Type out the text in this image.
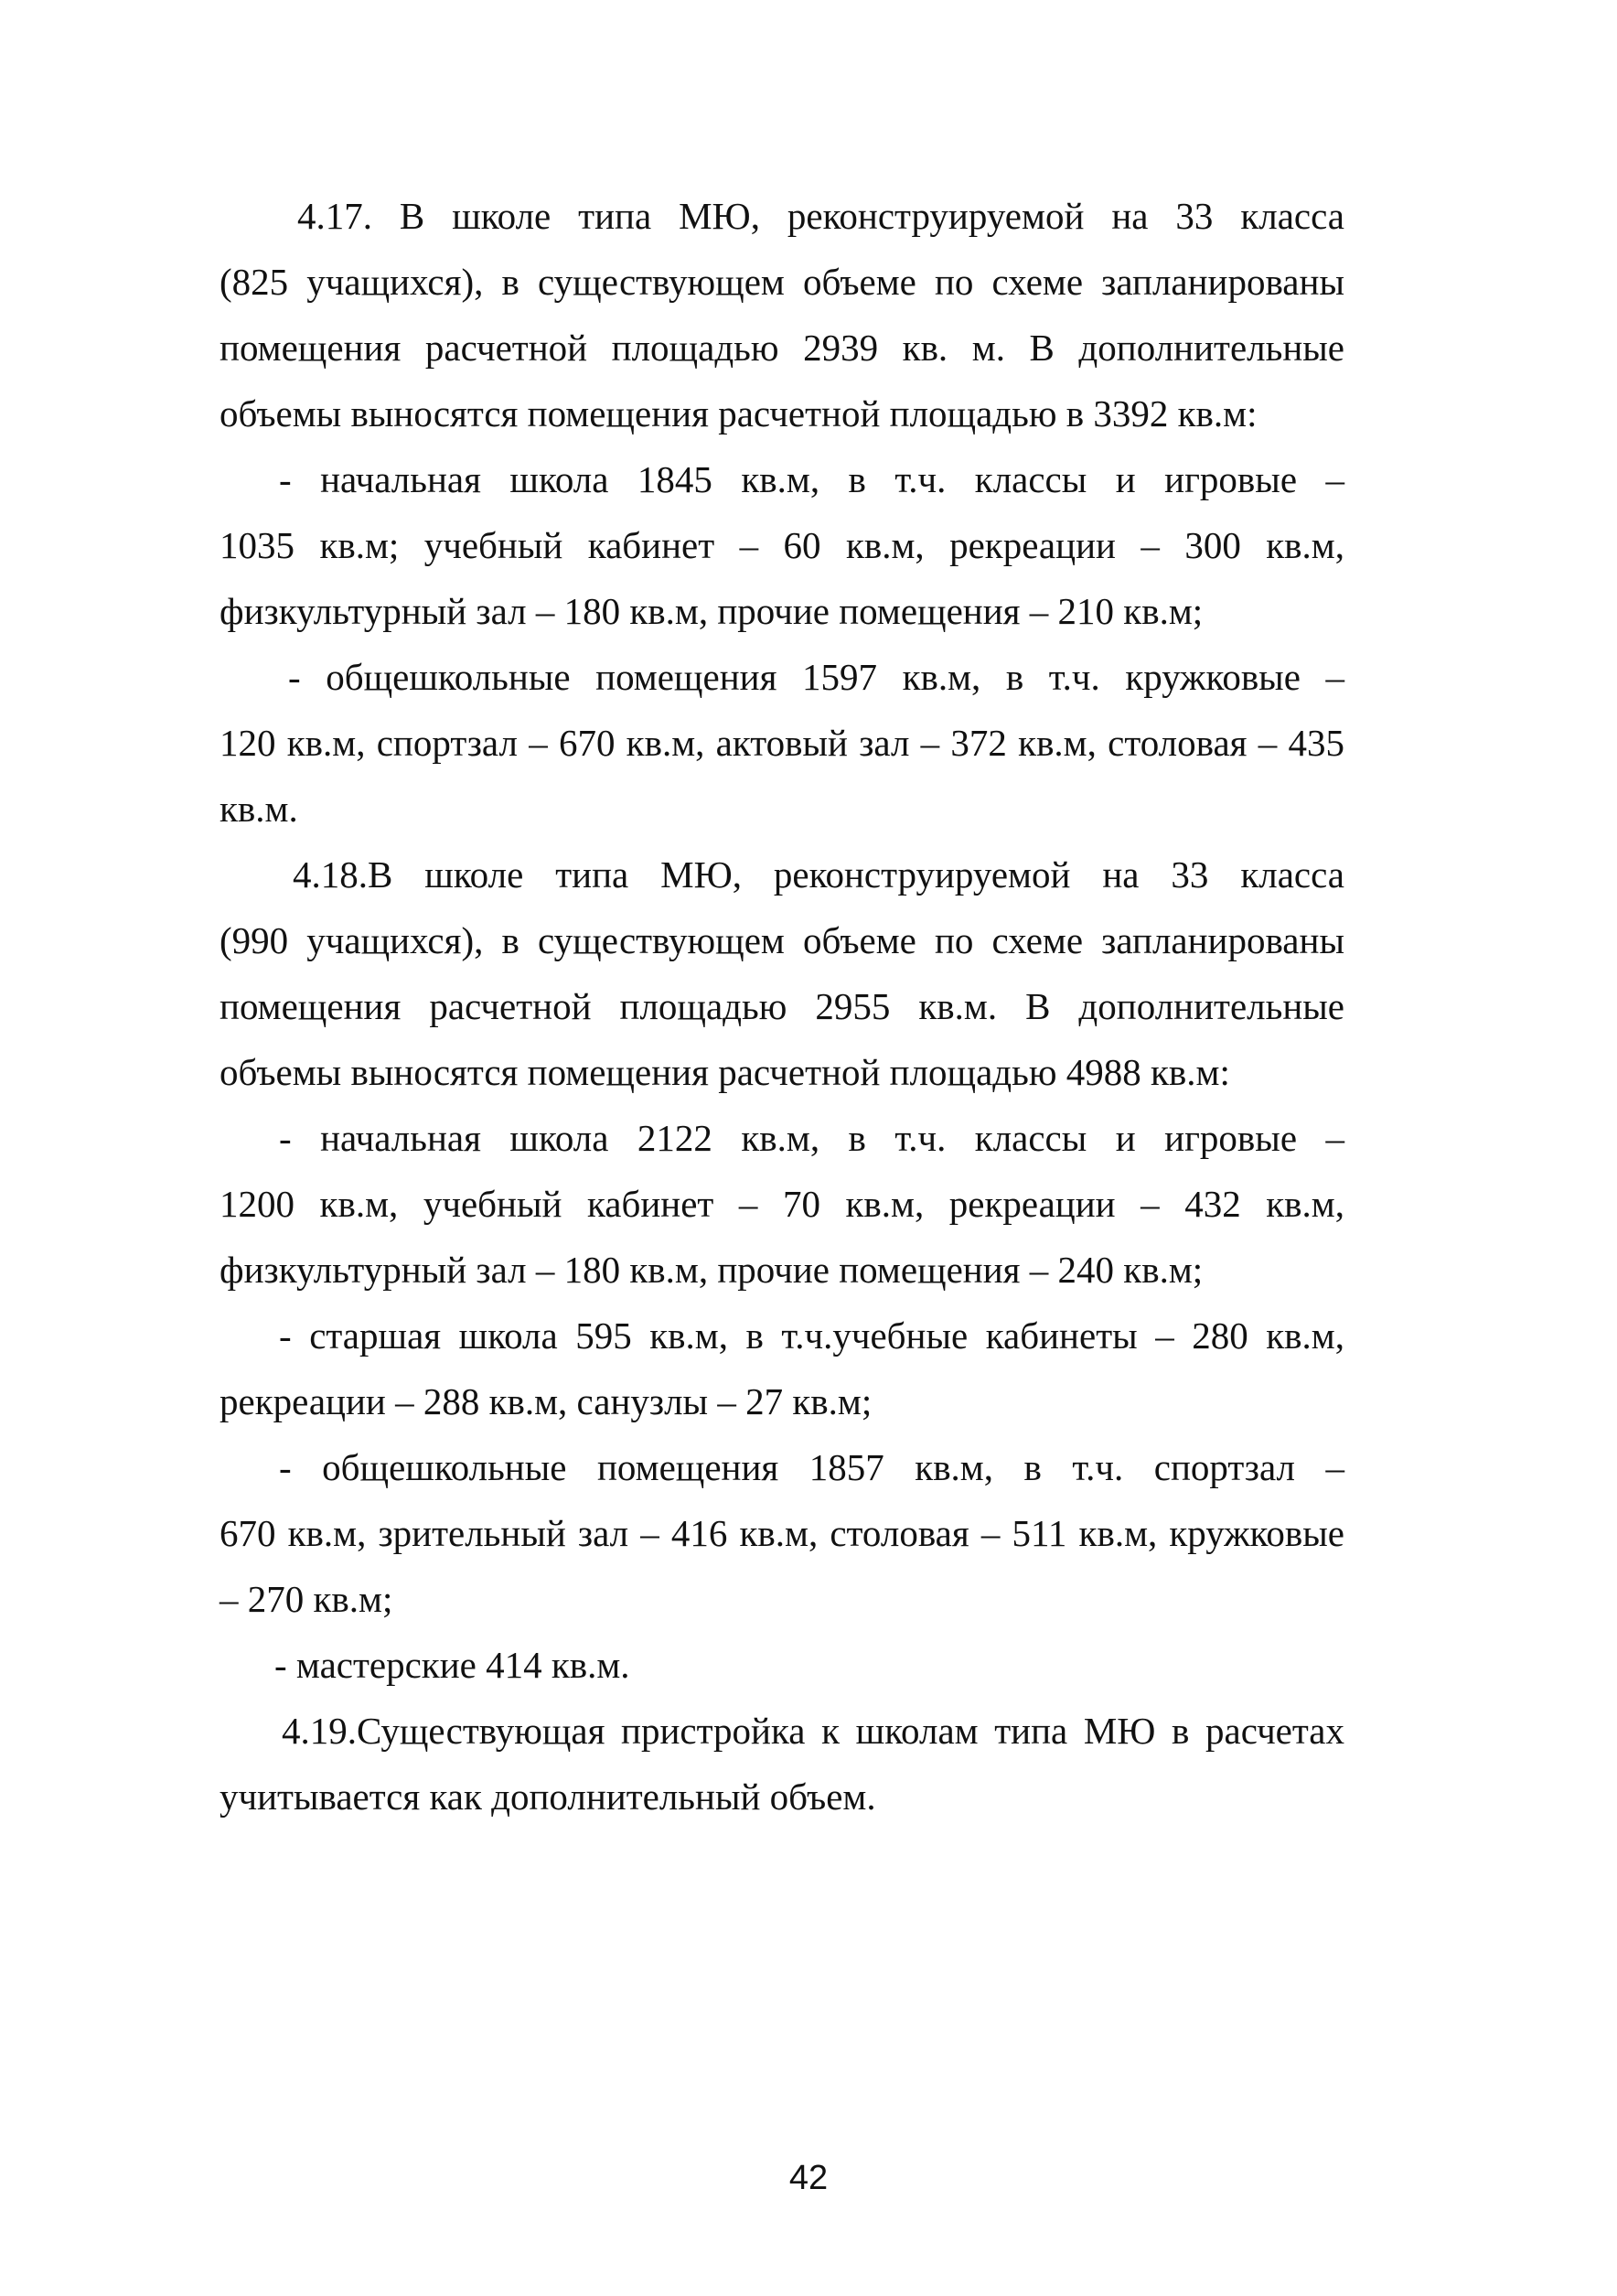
4.17. В школе типа МЮ, реконструируемой на 33 класса
(825 учащихся), в существующем объеме по схеме запланированы
помещения расчетной площадью 2939 кв. м. В дополнительные
объемы выносятся помещения расчетной площадью в 3392 кв.м:
- начальная школа 1845 кв.м, в т.ч. классы и игровые –
1035 кв.м; учебный кабинет – 60 кв.м, рекреации – 300 кв.м,
физкультурный зал – 180 кв.м, прочие помещения – 210 кв.м;
- общешкольные помещения 1597 кв.м, в т.ч. кружковые –
120 кв.м, спортзал – 670 кв.м, актовый зал – 372 кв.м, столовая – 435
кв.м.
4.18.В школе типа МЮ, реконструируемой на 33 класса
(990 учащихся), в существующем объеме по схеме запланированы
помещения расчетной площадью 2955 кв.м. В дополнительные
объемы выносятся помещения расчетной площадью 4988 кв.м:
- начальная школа 2122 кв.м, в т.ч. классы и игровые –
1200 кв.м, учебный кабинет – 70 кв.м, рекреации – 432 кв.м,
физкультурный зал – 180 кв.м, прочие помещения – 240 кв.м;
- старшая школа 595 кв.м, в т.ч.учебные кабинеты – 280 кв.м,
рекреации – 288 кв.м, санузлы – 27 кв.м;
- общешкольные помещения 1857 кв.м, в т.ч. спортзал –
670 кв.м, зрительный зал – 416 кв.м, столовая – 511 кв.м, кружковые
– 270 кв.м;
- мастерские 414 кв.м.
4.19.Существующая пристройка к школам типа МЮ в расчетах
учитывается как дополнительный объем.
42
